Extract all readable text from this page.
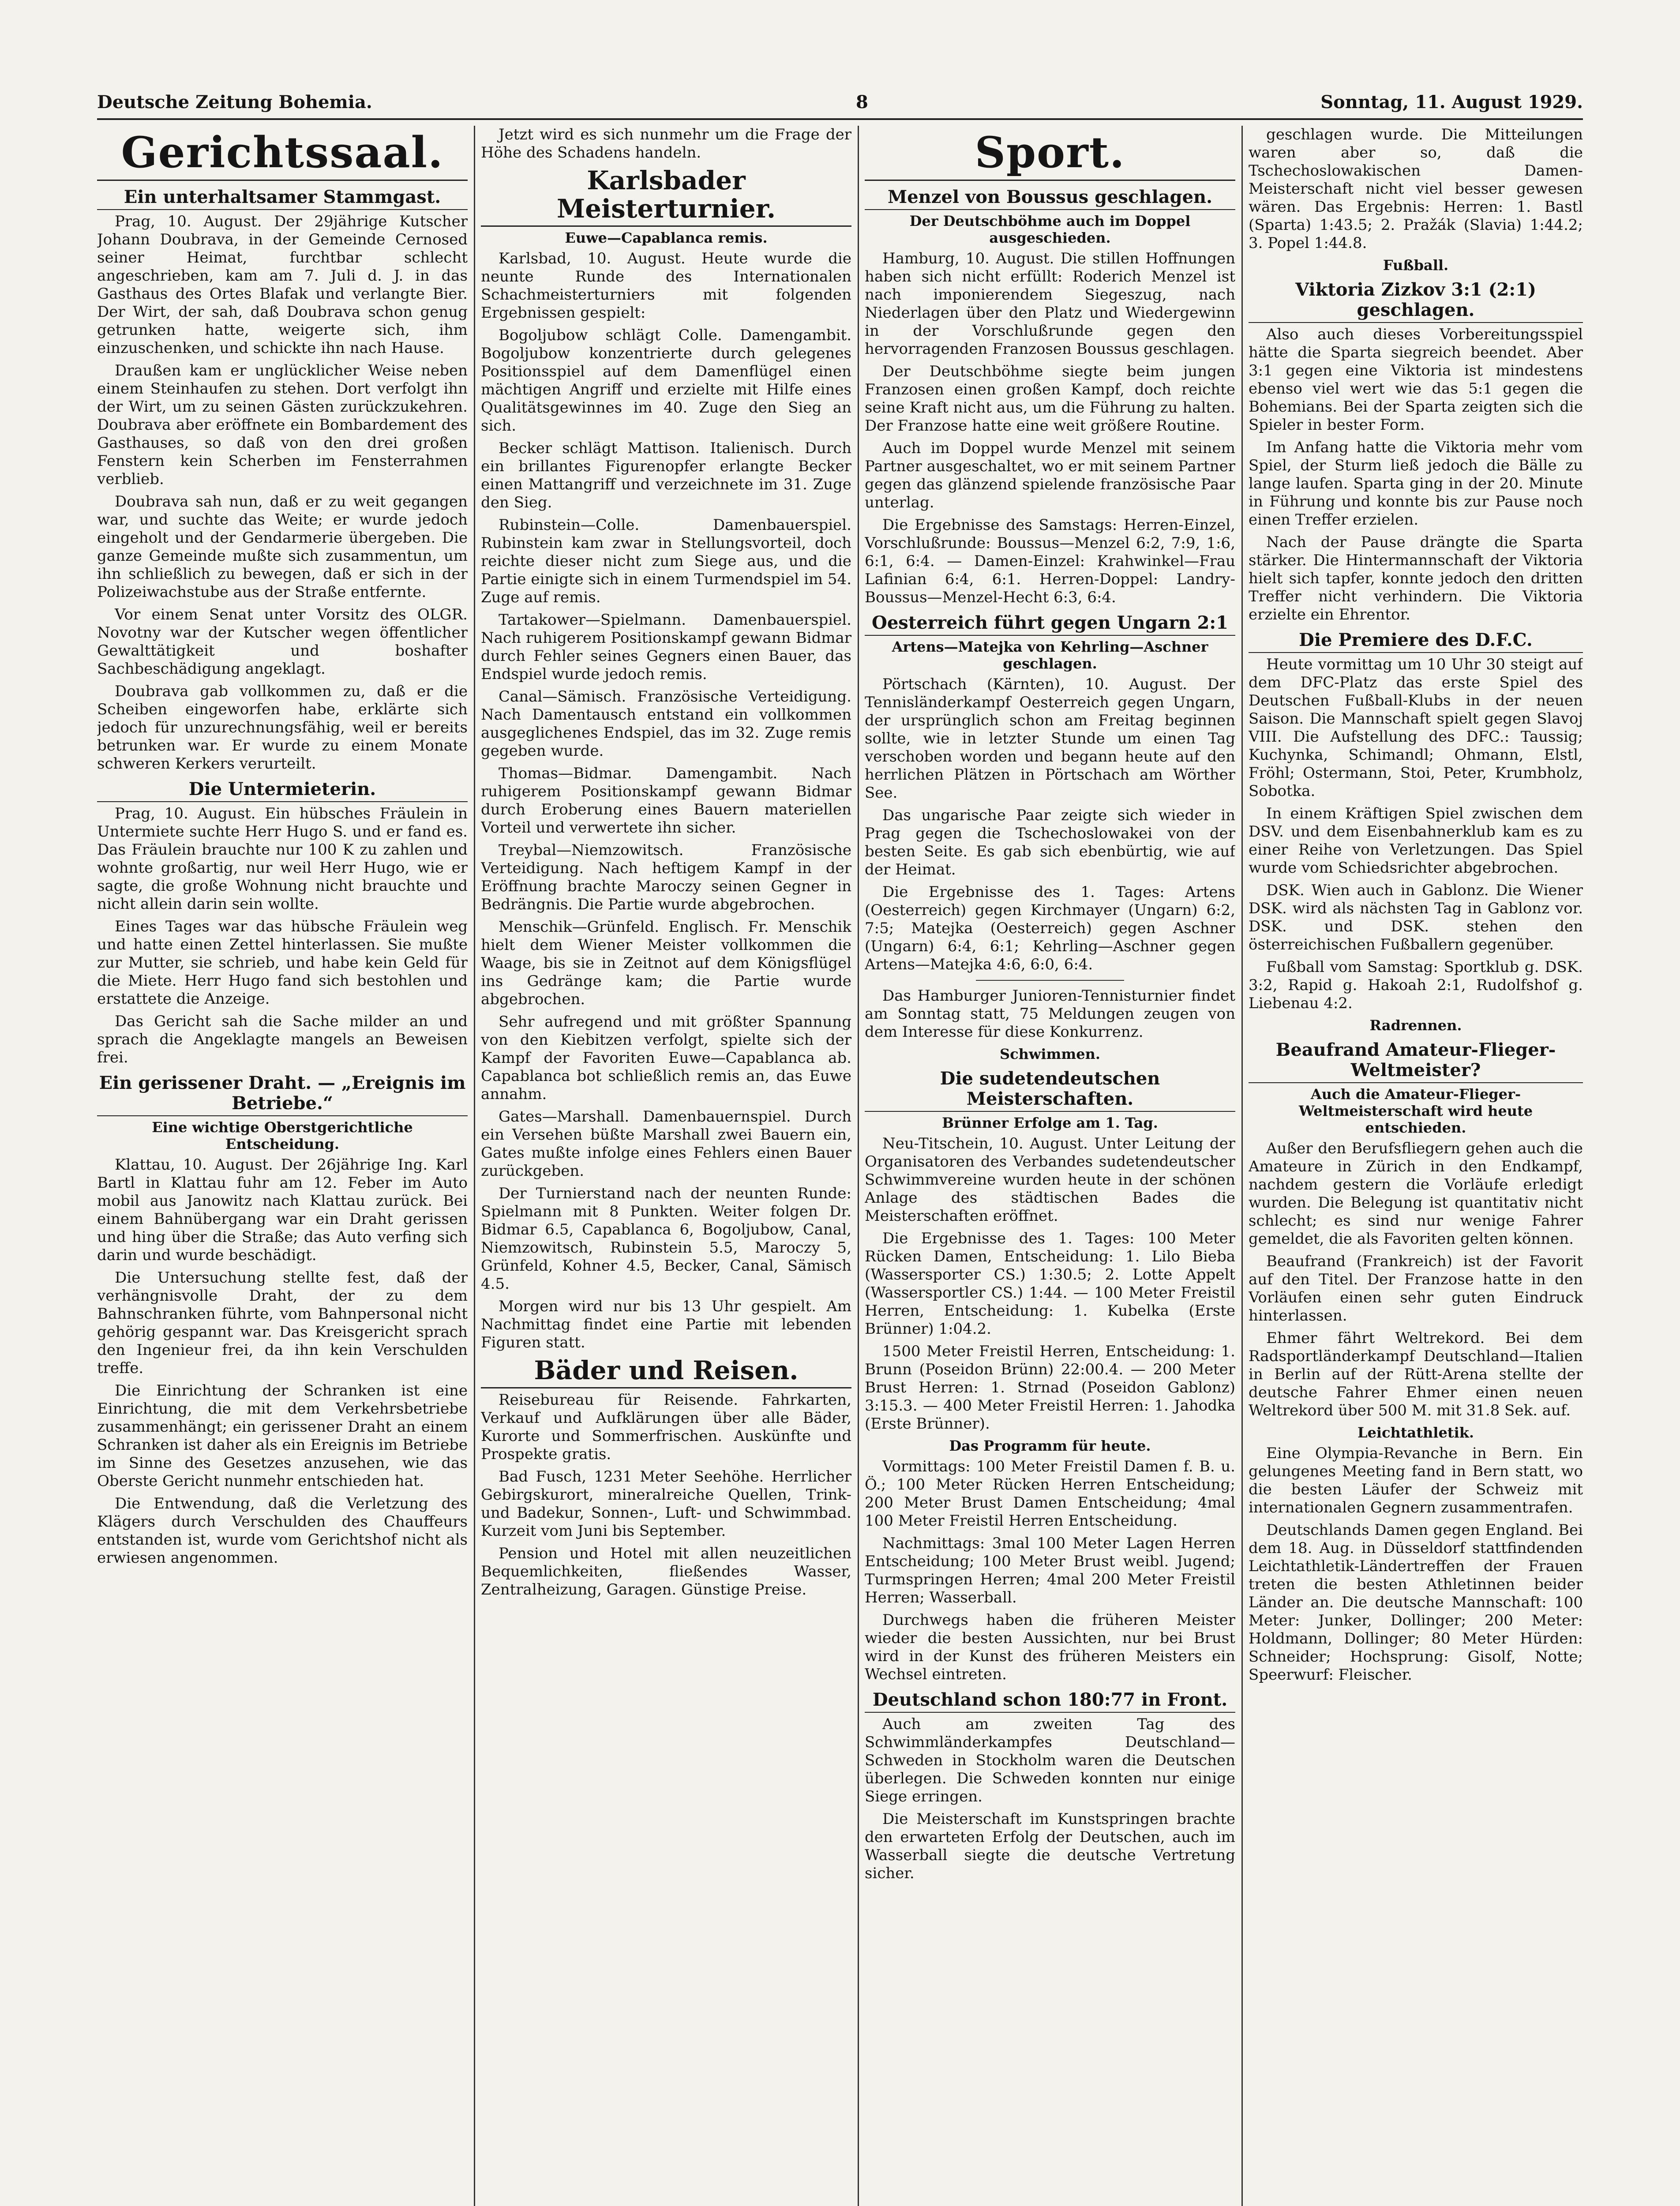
Deutsche Zeitung Bohemia.	8	Sonntag, 11. August 1929.
Gerichtssaal.
Ein unterhaltsamer Stammgast.

Prag, 10. August. Der 29jährige Kutscher Johann Doubrava, in der Gemeinde Cernosed seiner Heimat, furchtbar schlecht angeschrieben, kam am 7. Juli d. J. in das Gasthaus des Ortes Blafak und verlangte Bier. Der Wirt, der sah, daß Doubrava schon genug getrunken hatte, weigerte sich, ihm einzuschenken, und schickte ihn nach Hause.

Draußen kam er unglücklicher Weise neben einem Steinhaufen zu stehen. Dort verfolgt ihn der Wirt, um zu seinen Gästen zurückzukehren. Doubrava aber eröffnete ein Bombardement des Gasthauses, so daß von den drei großen Fenstern kein Scherben im Fensterrahmen verblieb.

Doubrava sah nun, daß er zu weit gegangen war, und suchte das Weite; er wurde jedoch eingeholt und der Gendarmerie übergeben. Die ganze Gemeinde mußte sich zusammentun, um ihn schließlich zu bewegen, daß er sich in der Polizeiwachstube aus der Straße entfernte.

Vor einem Senat unter Vorsitz des OLGR. Novotny war der Kutscher wegen öffentlicher Gewalttätigkeit und boshafter Sachbeschädigung angeklagt.

Doubrava gab vollkommen zu, daß er die Scheiben eingeworfen habe, erklärte sich jedoch für unzurechnungsfähig, weil er bereits betrunken war. Er wurde zu einem Monate schweren Kerkers verurteilt.

Die Untermieterin.

Prag, 10. August. Ein hübsches Fräulein in Untermiete suchte Herr Hugo S. und er fand es. Das Fräulein brauchte nur 100 K zu zahlen und wohnte großartig, nur weil Herr Hugo, wie er sagte, die große Wohnung nicht brauchte und nicht allein darin sein wollte.

Eines Tages war das hübsche Fräulein weg und hatte einen Zettel hinterlassen. Sie mußte zur Mutter, sie schrieb, und habe kein Geld für die Miete. Herr Hugo fand sich bestohlen und erstattete die Anzeige.

Das Gericht sah die Sache milder an und sprach die Angeklagte mangels an Beweisen frei.

Ein gerissener Draht. — „Ereignis im Betriebe.“
Eine wichtige Oberstgerichtliche Entscheidung.

Klattau, 10. August. Der 26jährige Ing. Karl Bartl in Klattau fuhr am 12. Feber im Auto mobil aus Janowitz nach Klattau zurück. Bei einem Bahnübergang war ein Draht gerissen und hing über die Straße; das Auto verfing sich darin und wurde beschädigt.

Die Untersuchung stellte fest, daß der verhängnisvolle Draht, der zu dem Bahnschranken führte, vom Bahnpersonal nicht gehörig gespannt war. Das Kreisgericht sprach den Ingenieur frei, da ihn kein Verschulden treffe.

Die Einrichtung der Schranken ist eine Einrichtung, die mit dem Verkehrsbetriebe zusammenhängt; ein gerissener Draht an einem Schranken ist daher als ein Ereignis im Betriebe im Sinne des Gesetzes anzusehen, wie das Oberste Gericht nunmehr entschieden hat.

Die Entwendung, daß die Verletzung des Klägers durch Verschulden des Chauffeurs entstanden ist, wurde vom Gerichtshof nicht als erwiesen angenommen.

Jetzt wird es sich nunmehr um die Frage der Höhe des Schadens handeln.

Karlsbader Meisterturnier.
Euwe—Capablanca remis.

Karlsbad, 10. August. Heute wurde die neunte Runde des Internationalen Schachmeisterturniers mit folgenden Ergebnissen gespielt:

Bogoljubow schlägt Colle. Damengambit. Bogoljubow konzentrierte durch gelegenes Positionsspiel auf dem Damenflügel einen mächtigen Angriff und erzielte mit Hilfe eines Qualitätsgewinnes im 40. Zuge den Sieg an sich.

Becker schlägt Mattison. Italienisch. Durch ein brillantes Figurenopfer erlangte Becker einen Mattangriff und verzeichnete im 31. Zuge den Sieg.

Rubinstein—Colle. Damenbauerspiel. Rubinstein kam zwar in Stellungsvorteil, doch reichte dieser nicht zum Siege aus, und die Partie einigte sich in einem Turmendspiel im 54. Zuge auf remis.

Tartakower—Spielmann. Damenbauerspiel. Nach ruhigerem Positionskampf gewann Bidmar durch Fehler seines Gegners einen Bauer, das Endspiel wurde jedoch remis.

Canal—Sämisch. Französische Verteidigung. Nach Damentausch entstand ein vollkommen ausgeglichenes Endspiel, das im 32. Zuge remis gegeben wurde.

Thomas—Bidmar. Damengambit. Nach ruhigerem Positionskampf gewann Bidmar durch Eroberung eines Bauern materiellen Vorteil und verwertete ihn sicher.

Treybal—Niemzowitsch. Französische Verteidigung. Nach heftigem Kampf in der Eröffnung brachte Maroczy seinen Gegner in Bedrängnis. Die Partie wurde abgebrochen.

Menschik—Grünfeld. Englisch. Fr. Menschik hielt dem Wiener Meister vollkommen die Waage, bis sie in Zeitnot auf dem Königsflügel ins Gedränge kam; die Partie wurde abgebrochen.

Sehr aufregend und mit größter Spannung von den Kiebitzen verfolgt, spielte sich der Kampf der Favoriten Euwe—Capablanca ab. Capablanca bot schließlich remis an, das Euwe annahm.

Gates—Marshall. Damenbauernspiel. Durch ein Versehen büßte Marshall zwei Bauern ein, Gates mußte infolge eines Fehlers einen Bauer zurückgeben.

Der Turnierstand nach der neunten Runde: Spielmann mit 8 Punkten. Weiter folgen Dr. Bidmar 6.5, Capablanca 6, Bogoljubow, Canal, Niemzowitsch, Rubinstein 5.5, Maroczy 5, Grünfeld, Kohner 4.5, Becker, Canal, Sämisch 4.5.

Morgen wird nur bis 13 Uhr gespielt. Am Nachmittag findet eine Partie mit lebenden Figuren statt.

Bäder und Reisen.

Reisebureau für Reisende. Fahrkarten, Verkauf und Aufklärungen über alle Bäder, Kurorte und Sommerfrischen. Auskünfte und Prospekte gratis.

Bad Fusch, 1231 Meter Seehöhe. Herrlicher Gebirgskurort, mineralreiche Quellen, Trink- und Badekur, Sonnen-, Luft- und Schwimmbad. Kurzeit vom Juni bis September.

Pension und Hotel mit allen neuzeitlichen Bequemlichkeiten, fließendes Wasser, Zentralheizung, Garagen. Günstige Preise.

Sport.
Menzel von Boussus geschlagen.
Der Deutschböhme auch im Doppel ausgeschieden.

Hamburg, 10. August. Die stillen Hoffnungen haben sich nicht erfüllt: Roderich Menzel ist nach imponierendem Siegeszug, nach Niederlagen über den Platz und Wiedergewinn in der Vorschlußrunde gegen den hervorragenden Franzosen Boussus geschlagen.

Der Deutschböhme siegte beim jungen Franzosen einen großen Kampf, doch reichte seine Kraft nicht aus, um die Führung zu halten. Der Franzose hatte eine weit größere Routine.

Auch im Doppel wurde Menzel mit seinem Partner ausgeschaltet, wo er mit seinem Partner gegen das glänzend spielende französische Paar unterlag.

Die Ergebnisse des Samstags: Herren-Einzel, Vorschlußrunde: Boussus—Menzel 6:2, 7:9, 1:6, 6:1, 6:4. — Damen-Einzel: Krahwinkel—Frau Lafinian 6:4, 6:1. Herren-Doppel: Landry-Boussus—Menzel-Hecht 6:3, 6:4.

Oesterreich führt gegen Ungarn 2:1
Artens—Matejka von Kehrling—Aschner geschlagen.

Pörtschach (Kärnten), 10. August. Der Tennisländerkampf Oesterreich gegen Ungarn, der ursprünglich schon am Freitag beginnen sollte, wie in letzter Stunde um einen Tag verschoben worden und begann heute auf den herrlichen Plätzen in Pörtschach am Wörther See.

Das ungarische Paar zeigte sich wieder in Prag gegen die Tschechoslowakei von der besten Seite. Es gab sich ebenbürtig, wie auf der Heimat.

Die Ergebnisse des 1. Tages: Artens (Oesterreich) gegen Kirchmayer (Ungarn) 6:2, 7:5; Matejka (Oesterreich) gegen Aschner (Ungarn) 6:4, 6:1; Kehrling—Aschner gegen Artens—Matejka 4:6, 6:0, 6:4.

Das Hamburger Junioren-Tennisturnier findet am Sonntag statt, 75 Meldungen zeugen von dem Interesse für diese Konkurrenz.

Schwimmen.
Die sudetendeutschen Meisterschaften.
Brünner Erfolge am 1. Tag.

Neu-Titschein, 10. August. Unter Leitung der Organisatoren des Verbandes sudetendeutscher Schwimmvereine wurden heute in der schönen Anlage des städtischen Bades die Meisterschaften eröffnet.

Die Ergebnisse des 1. Tages: 100 Meter Rücken Damen, Entscheidung: 1. Lilo Bieba (Wassersporter CS.) 1:30.5; 2. Lotte Appelt (Wassersportler CS.) 1:44. — 100 Meter Freistil Herren, Entscheidung: 1. Kubelka (Erste Brünner) 1:04.2.

1500 Meter Freistil Herren, Entscheidung: 1. Brunn (Poseidon Brünn) 22:00.4. — 200 Meter Brust Herren: 1. Strnad (Poseidon Gablonz) 3:15.3. — 400 Meter Freistil Herren: 1. Jahodka (Erste Brünner).

Das Programm für heute.

Vormittags: 100 Meter Freistil Damen f. B. u. Ö.; 100 Meter Rücken Herren Entscheidung; 200 Meter Brust Damen Entscheidung; 4mal 100 Meter Freistil Herren Entscheidung.

Nachmittags: 3mal 100 Meter Lagen Herren Entscheidung; 100 Meter Brust weibl. Jugend; Turmspringen Herren; 4mal 200 Meter Freistil Herren; Wasserball.

Durchwegs haben die früheren Meister wieder die besten Aussichten, nur bei Brust wird in der Kunst des früheren Meisters ein Wechsel eintreten.

Deutschland schon 180:77 in Front.

Auch am zweiten Tag des Schwimmländerkampfes Deutschland—Schweden in Stockholm waren die Deutschen überlegen. Die Schweden konnten nur einige Siege erringen.

Die Meisterschaft im Kunstspringen brachte den erwarteten Erfolg der Deutschen, auch im Wasserball siegte die deutsche Vertretung sicher.

geschlagen wurde. Die Mitteilungen waren aber so, daß die Tschechoslowakischen Damen-Meisterschaft nicht viel besser gewesen wären. Das Ergebnis: Herren: 1. Bastl (Sparta) 1:43.5; 2. Pražák (Slavia) 1:44.2; 3. Popel 1:44.8.

Fußball.
Viktoria Zizkov 3:1 (2:1) geschlagen.

Also auch dieses Vorbereitungsspiel hätte die Sparta siegreich beendet. Aber 3:1 gegen eine Viktoria ist mindestens ebenso viel wert wie das 5:1 gegen die Bohemians. Bei der Sparta zeigten sich die Spieler in bester Form.

Im Anfang hatte die Viktoria mehr vom Spiel, der Sturm ließ jedoch die Bälle zu lange laufen. Sparta ging in der 20. Minute in Führung und konnte bis zur Pause noch einen Treffer erzielen.

Nach der Pause drängte die Sparta stärker. Die Hintermannschaft der Viktoria hielt sich tapfer, konnte jedoch den dritten Treffer nicht verhindern. Die Viktoria erzielte ein Ehrentor.

Die Premiere des D.F.C.

Heute vormittag um 10 Uhr 30 steigt auf dem DFC-Platz das erste Spiel des Deutschen Fußball-Klubs in der neuen Saison. Die Mannschaft spielt gegen Slavoj VIII. Die Aufstellung des DFC.: Taussig; Kuchynka, Schimandl; Ohmann, Elstl, Fröhl; Ostermann, Stoi, Peter, Krumbholz, Sobotka.

In einem Kräftigen Spiel zwischen dem DSV. und dem Eisenbahnerklub kam es zu einer Reihe von Verletzungen. Das Spiel wurde vom Schiedsrichter abgebrochen.

DSK. Wien auch in Gablonz. Die Wiener DSK. wird als nächsten Tag in Gablonz vor. DSK. und DSK. stehen den österreichischen Fußballern gegenüber.

Fußball vom Samstag: Sportklub g. DSK. 3:2, Rapid g. Hakoah 2:1, Rudolfshof g. Liebenau 4:2.

Radrennen.
Beaufrand Amateur-Flieger-Weltmeister?
Auch die Amateur-Flieger-Weltmeisterschaft wird heute entschieden.

Außer den Berufsfliegern gehen auch die Amateure in Zürich in den Endkampf, nachdem gestern die Vorläufe erledigt wurden. Die Belegung ist quantitativ nicht schlecht; es sind nur wenige Fahrer gemeldet, die als Favoriten gelten können.

Beaufrand (Frankreich) ist der Favorit auf den Titel. Der Franzose hatte in den Vorläufen einen sehr guten Eindruck hinterlassen.

Ehmer fährt Weltrekord. Bei dem Radsportländerkampf Deutschland—Italien in Berlin auf der Rütt-Arena stellte der deutsche Fahrer Ehmer einen neuen Weltrekord über 500 M. mit 31.8 Sek. auf.

Leichtathletik.

Eine Olympia-Revanche in Bern. Ein gelungenes Meeting fand in Bern statt, wo die besten Läufer der Schweiz mit internationalen Gegnern zusammentrafen.

Deutschlands Damen gegen England. Bei dem 18. Aug. in Düsseldorf stattfindenden Leichtathletik-Ländertreffen der Frauen treten die besten Athletinnen beider Länder an. Die deutsche Mannschaft: 100 Meter: Junker, Dollinger; 200 Meter: Holdmann, Dollinger; 80 Meter Hürden: Schneider; Hochsprung: Gisolf, Notte; Speerwurf: Fleischer.
